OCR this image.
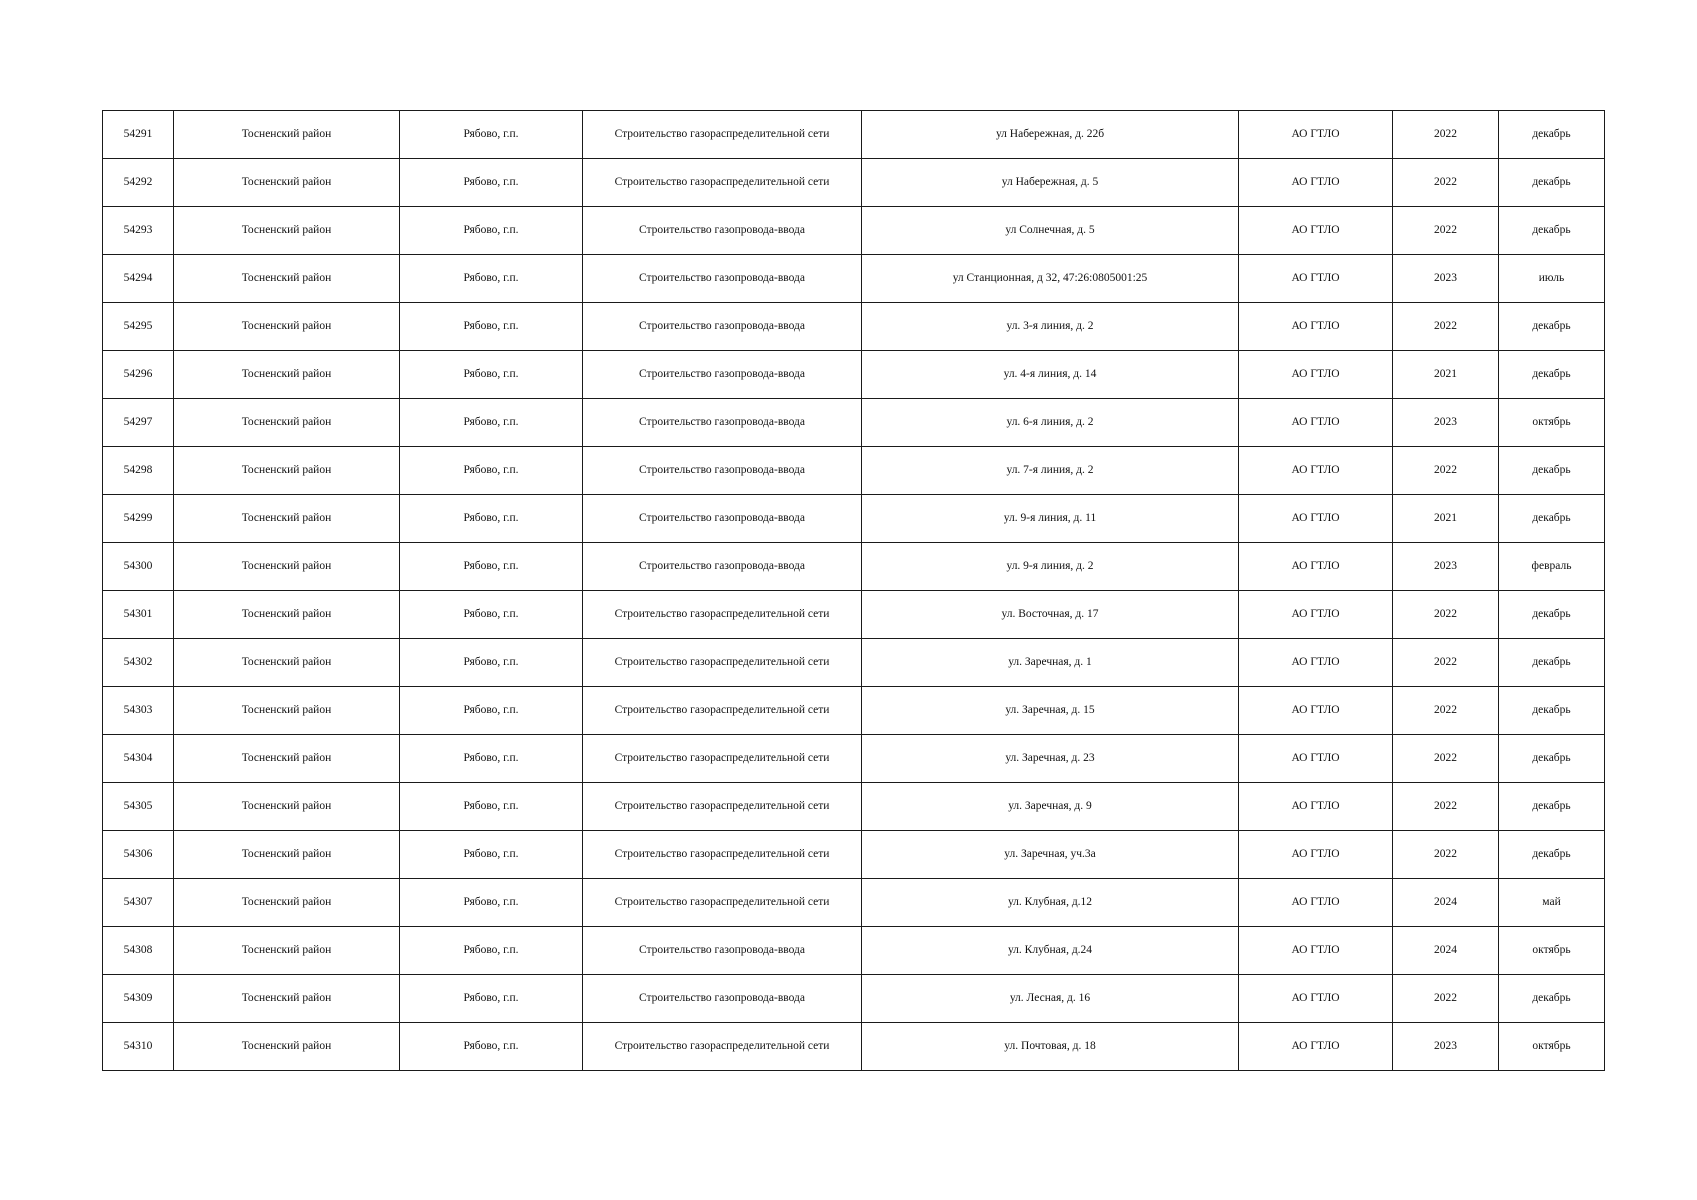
54291	Тосненский район	Рябово, г.п.	Строительство газораспределительной сети	ул Набережная, д. 22б	АО ГТЛО	2022	декабрь
54292	Тосненский район	Рябово, г.п.	Строительство газораспределительной сети	ул Набережная, д. 5	АО ГТЛО	2022	декабрь
54293	Тосненский район	Рябово, г.п.	Строительство газопровода-ввода	ул Солнечная, д. 5	АО ГТЛО	2022	декабрь
54294	Тосненский район	Рябово, г.п.	Строительство газопровода-ввода	ул Станционная, д 32, 47:26:0805001:25	АО ГТЛО	2023	июль
54295	Тосненский район	Рябово, г.п.	Строительство газопровода-ввода	ул. 3-я линия, д. 2	АО ГТЛО	2022	декабрь
54296	Тосненский район	Рябово, г.п.	Строительство газопровода-ввода	ул. 4-я линия, д. 14	АО ГТЛО	2021	декабрь
54297	Тосненский район	Рябово, г.п.	Строительство газопровода-ввода	ул. 6-я линия, д. 2	АО ГТЛО	2023	октябрь
54298	Тосненский район	Рябово, г.п.	Строительство газопровода-ввода	ул. 7-я линия, д. 2	АО ГТЛО	2022	декабрь
54299	Тосненский район	Рябово, г.п.	Строительство газопровода-ввода	ул. 9-я линия, д. 11	АО ГТЛО	2021	декабрь
54300	Тосненский район	Рябово, г.п.	Строительство газопровода-ввода	ул. 9-я линия, д. 2	АО ГТЛО	2023	февраль
54301	Тосненский район	Рябово, г.п.	Строительство газораспределительной сети	ул. Восточная, д. 17	АО ГТЛО	2022	декабрь
54302	Тосненский район	Рябово, г.п.	Строительство газораспределительной сети	ул. Заречная, д. 1	АО ГТЛО	2022	декабрь
54303	Тосненский район	Рябово, г.п.	Строительство газораспределительной сети	ул. Заречная, д. 15	АО ГТЛО	2022	декабрь
54304	Тосненский район	Рябово, г.п.	Строительство газораспределительной сети	ул. Заречная, д. 23	АО ГТЛО	2022	декабрь
54305	Тосненский район	Рябово, г.п.	Строительство газораспределительной сети	ул. Заречная, д. 9	АО ГТЛО	2022	декабрь
54306	Тосненский район	Рябово, г.п.	Строительство газораспределительной сети	ул. Заречная, уч.3а	АО ГТЛО	2022	декабрь
54307	Тосненский район	Рябово, г.п.	Строительство газораспределительной сети	ул. Клубная, д.12	АО ГТЛО	2024	май
54308	Тосненский район	Рябово, г.п.	Строительство газопровода-ввода	ул. Клубная, д.24	АО ГТЛО	2024	октябрь
54309	Тосненский район	Рябово, г.п.	Строительство газопровода-ввода	ул. Лесная, д. 16	АО ГТЛО	2022	декабрь
54310	Тосненский район	Рябово, г.п.	Строительство газораспределительной сети	ул. Почтовая, д. 18	АО ГТЛО	2023	октябрь
